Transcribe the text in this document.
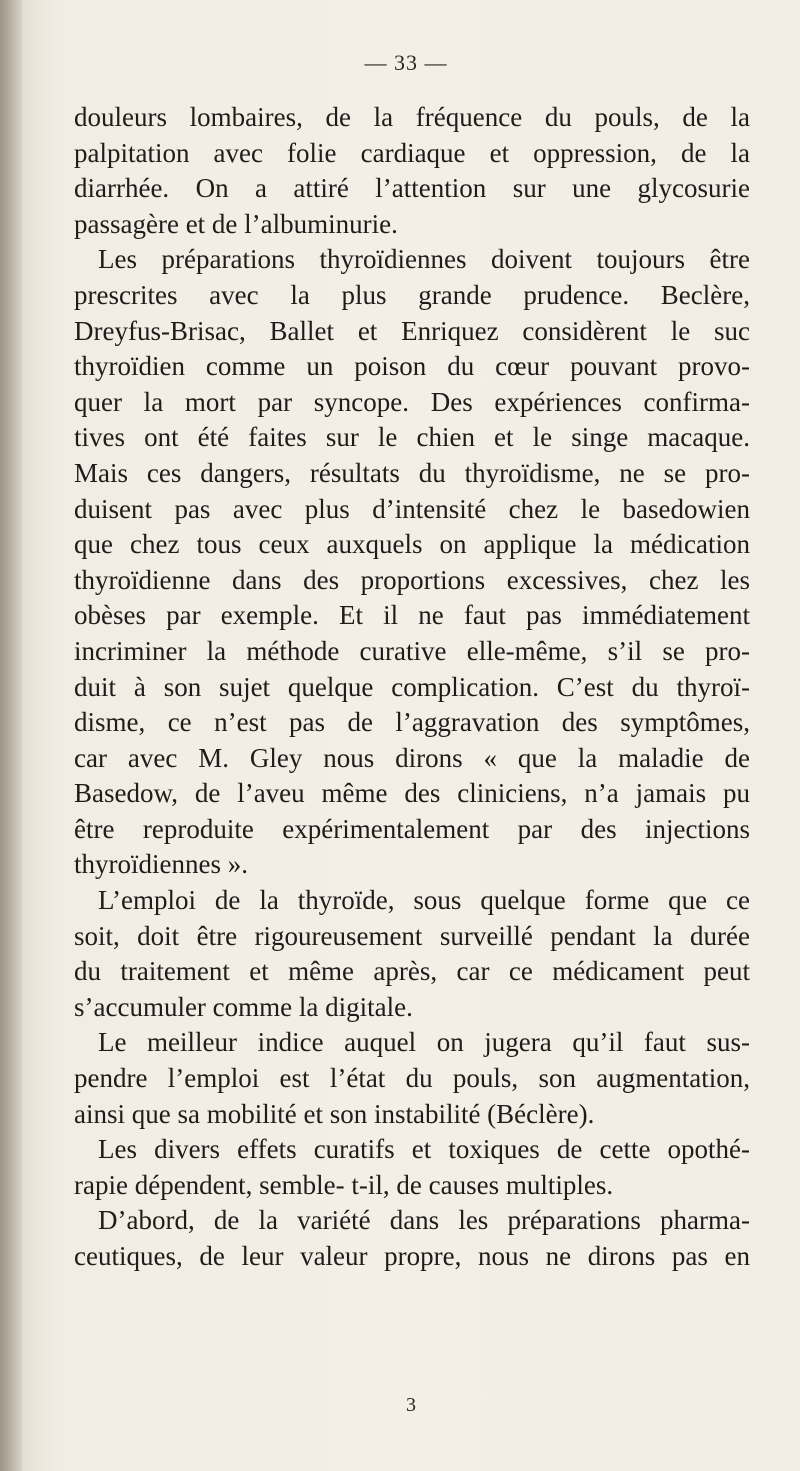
— 33 —
douleurs lombaires, de la fréquence du pouls, de la
palpitation avec folie cardiaque et oppression, de la
diarrhée. On a attiré l’attention sur une glycosurie
passagère et de l’albuminurie.
Les préparations thyroïdiennes doivent toujours être
prescrites avec la plus grande prudence. Beclère,
Dreyfus-Brisac, Ballet et Enriquez considèrent le suc
thyroïdien comme un poison du cœur pouvant provo-
quer la mort par syncope. Des expériences confirma-
tives ont été faites sur le chien et le singe macaque.
Mais ces dangers, résultats du thyroïdisme, ne se pro-
duisent pas avec plus d’intensité chez le basedowien
que chez tous ceux auxquels on applique la médication
thyroïdienne dans des proportions excessives, chez les
obèses par exemple. Et il ne faut pas immédiatement
incriminer la méthode curative elle-même, s’il se pro-
duit à son sujet quelque complication. C’est du thyroï-
disme, ce n’est pas de l’aggravation des symptômes,
car avec M. Gley nous dirons « que la maladie de
Basedow, de l’aveu même des cliniciens, n’a jamais pu
être reproduite expérimentalement par des injections
thyroïdiennes ».
L’emploi de la thyroïde, sous quelque forme que ce
soit, doit être rigoureusement surveillé pendant la durée
du traitement et même après, car ce médicament peut
s’accumuler comme la digitale.
Le meilleur indice auquel on jugera qu’il faut sus-
pendre l’emploi est l’état du pouls, son augmentation,
ainsi que sa mobilité et son instabilité (Béclère).
Les divers effets curatifs et toxiques de cette opothé-
rapie dépendent, semble- t-il, de causes multiples.
D’abord, de la variété dans les préparations pharma-
ceutiques, de leur valeur propre, nous ne dirons pas en
3
